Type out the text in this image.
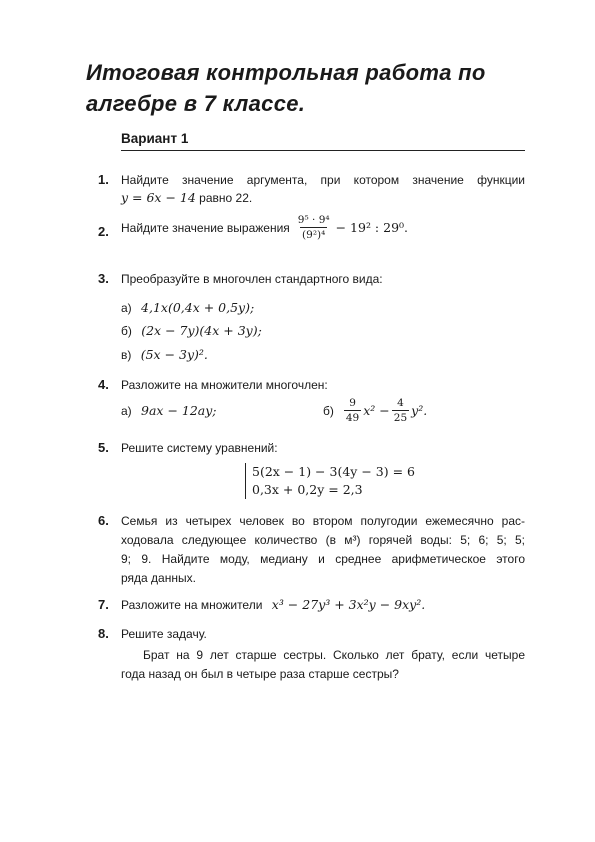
Итоговая контрольная работа по
алгебре в 7 классе.
Вариант 1
1.	Найдите значение аргумента, при котором значение функции
y = 6x − 14 равно 22.
2.	Найдите значение выражения $\frac{\text{9⁵ · 9⁴}}{\text{(9²)⁴}} - 19^2$ : 29⁰.
3.	Преобразуйте в многочлен стандартного вида:
а) 4,1x(0,4x + 0,5y);
б) (2x − 7y)(4x + 3y);
в) (5x − 3y)².
4.	Разложите на множители многочлен:
а) 9ax − 12ay;	$б) \frac{9}{49} x^2 - \frac{4}{25} y^2$.
5.	Решите систему уравнений:
5(2x − 1) − 3(4y − 3) = 6
0,3x + 0,2y = 2,3
6.	Семья из четырех человек во втором полугодии ежемесячно рас-
ходовала следующее количество (в м³) горячей воды: 5; 6; 5; 5;
9; 9. Найдите моду, медиану и среднее арифметическое этого
ряда данных.
7.	Разложите на множители x³ − 27y³ + 3x²y − 9xy².
8.	Решите задачу.
Брат на 9 лет старше сестры. Сколько лет брату, если четыре
года назад он был в четыре раза старше сестры?
